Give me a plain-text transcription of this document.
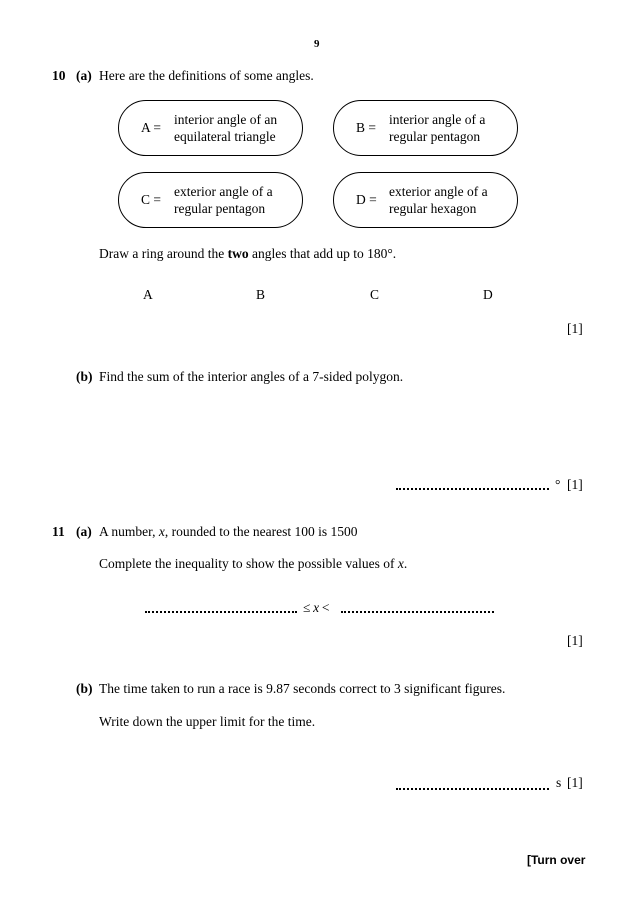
9
10 (a) Here are the definitions of some angles.
A =
interior angle of an
equilateral triangle
B =
interior angle of a
regular pentagon
C =
exterior angle of a
regular pentagon
D =
exterior angle of a
regular hexagon
Draw a ring around the two angles that add up to 180°.
A	B	C	D
[1]
(b) Find the sum of the interior angles of a 7-sided polygon.
° [1]
11 (a) A number, x, rounded to the nearest 100 is 1500
Complete the inequality to show the possible values of x.
≤  x  <
[1]
(b) The time taken to run a race is 9.87 seconds correct to 3 significant figures.
Write down the upper limit for the time.
s [1]
[Turn over
